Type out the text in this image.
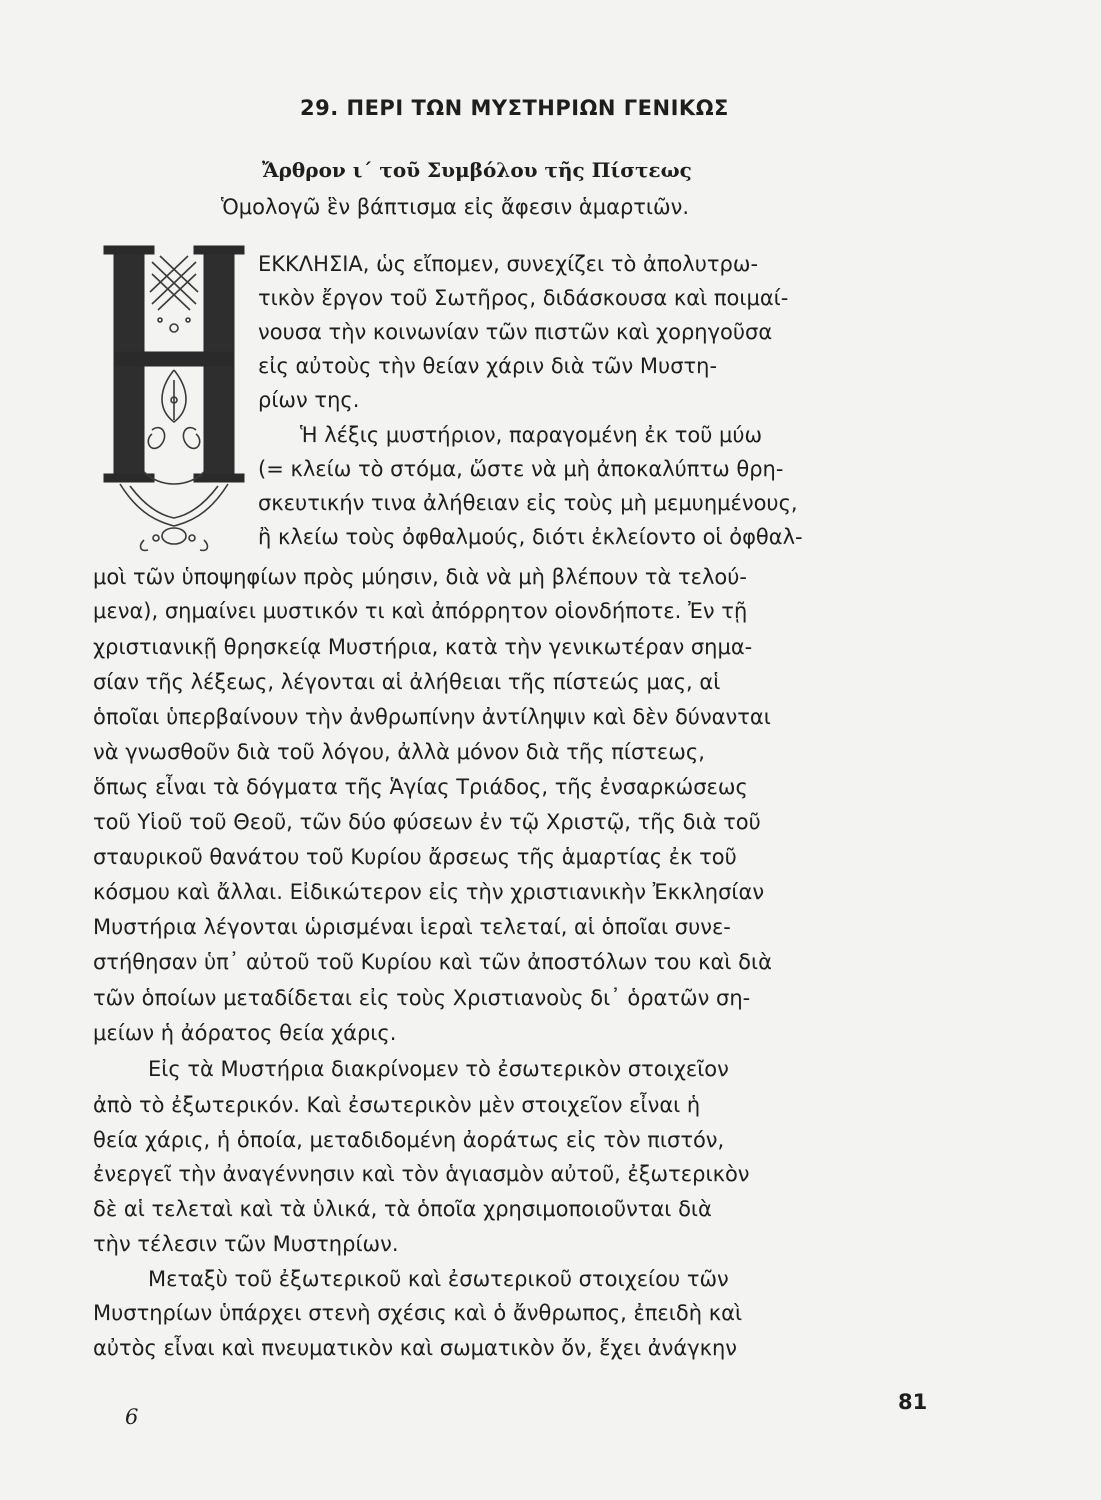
29. ΠΕΡΙ ΤΩΝ ΜΥΣΤΗΡΙΩΝ ΓΕΝΙΚΩΣ
Ἄρθρον ι΄ τοῦ Συμβόλου τῆς Πίστεως
Ὁμολογῶ ἓν βάπτισμα εἰς ἄφεσιν ἁμαρτιῶν.
ΕΚΚΛΗΣΙΑ, ὡς εἴπομεν, συνεχίζει τὸ ἀπολυτρω-
τικὸν ἔργον τοῦ Σωτῆρος, διδάσκουσα καὶ ποιμαί-
νουσα τὴν κοινωνίαν τῶν πιστῶν καὶ χορηγοῦσα
εἰς αὐτοὺς τὴν θείαν χάριν διὰ τῶν Μυστη-
ρίων της.
Ἡ λέξις μυστήριον, παραγομένη ἐκ τοῦ μύω
(= κλείω τὸ στόμα, ὥστε νὰ μὴ ἀποκαλύπτω θρη-
σκευτικήν τινα ἀλήθειαν εἰς τοὺς μὴ μεμυημένους,
ἢ κλείω τοὺς ὀφθαλμούς, διότι ἐκλείοντο οἱ ὀφθαλ-
μοὶ τῶν ὑποψηφίων πρὸς μύησιν, διὰ νὰ μὴ βλέπουν τὰ τελού-
μενα), σημαίνει μυστικόν τι καὶ ἀπόρρητον οἱονδήποτε. Ἐν τῇ
χριστιανικῇ θρησκείᾳ Μυστήρια, κατὰ τὴν γενικωτέραν σημα-
σίαν τῆς λέξεως, λέγονται αἱ ἀλήθειαι τῆς πίστεώς μας, αἱ
ὁποῖαι ὑπερβαίνουν τὴν ἀνθρωπίνην ἀντίληψιν καὶ δὲν δύνανται
νὰ γνωσθοῦν διὰ τοῦ λόγου, ἀλλὰ μόνον διὰ τῆς πίστεως,
ὅπως εἶναι τὰ δόγματα τῆς Ἁγίας Τριάδος, τῆς ἐνσαρκώσεως
τοῦ Υἱοῦ τοῦ Θεοῦ, τῶν δύο φύσεων ἐν τῷ Χριστῷ, τῆς διὰ τοῦ
σταυρικοῦ θανάτου τοῦ Κυρίου ἄρσεως τῆς ἁμαρτίας ἐκ τοῦ
κόσμου καὶ ἄλλαι. Εἰδικώτερον εἰς τὴν χριστιανικὴν Ἐκκλησίαν
Μυστήρια λέγονται ὡρισμέναι ἱεραὶ τελεταί, αἱ ὁποῖαι συνε-
στήθησαν ὑπ᾿ αὐτοῦ τοῦ Κυρίου καὶ τῶν ἀποστόλων του καὶ διὰ
τῶν ὁποίων μεταδίδεται εἰς τοὺς Χριστιανοὺς δι᾿ ὁρατῶν ση-
μείων ἡ ἀόρατος θεία χάρις.
Εἰς τὰ Μυστήρια διακρίνομεν τὸ ἐσωτερικὸν στοιχεῖον
ἀπὸ τὸ ἐξωτερικόν. Καὶ ἐσωτερικὸν μὲν στοιχεῖον εἶναι ἡ
θεία χάρις, ἡ ὁποία, μεταδιδομένη ἀοράτως εἰς τὸν πιστόν,
ἐνεργεῖ τὴν ἀναγέννησιν καὶ τὸν ἁγιασμὸν αὐτοῦ, ἐξωτερικὸν
δὲ αἱ τελεταὶ καὶ τὰ ὑλικά, τὰ ὁποῖα χρησιμοποιοῦνται διὰ
τὴν τέλεσιν τῶν Μυστηρίων.
Μεταξὺ τοῦ ἐξωτερικοῦ καὶ ἐσωτερικοῦ στοιχείου τῶν
Μυστηρίων ὑπάρχει στενὴ σχέσις καὶ ὁ ἄνθρωπος, ἐπειδὴ καὶ
αὐτὸς εἶναι καὶ πνευματικὸν καὶ σωματικὸν ὄν, ἔχει ἀνάγκην
6
81
